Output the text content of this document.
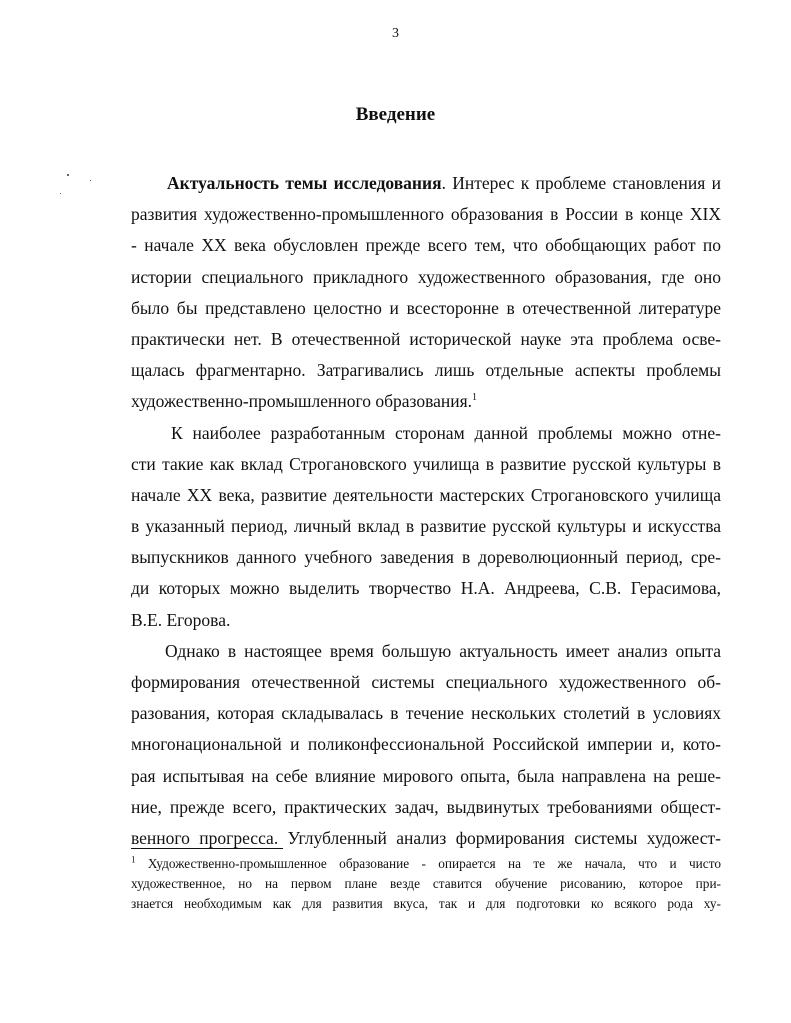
3
Введение
Актуальность темы исследования. Интерес к проблеме становления и
развития художественно-промышленного образования в России в конце XIX
- начале XX века обусловлен прежде всего тем, что обобщающих работ по
истории специального прикладного художественного образования, где оно
было бы представлено целостно и всесторонне в отечественной литературе
практически нет. В отечественной исторической науке эта проблема осве-
щалась фрагментарно. Затрагивались лишь отдельные аспекты проблемы
художественно-промышленного образования.$^1$
К наиболее разработанным сторонам данной проблемы можно отне-
сти такие как вклад Строгановского училища в развитие русской культуры в
начале XX века, развитие деятельности мастерских Строгановского училища
в указанный период, личный вклад в развитие русской культуры и искусства
выпускников данного учебного заведения в дореволюционный период, сре-
ди которых можно выделить творчество Н.А. Андреева, С.В. Герасимова,
В.Е. Егорова.
Однако в настоящее время большую актуальность имеет анализ опыта
формирования отечественной системы специального художественного об-
разования, которая складывалась в течение нескольких столетий в условиях
многонациональной и поликонфессиональной Российской империи и, кото-
рая испытывая на себе влияние мирового опыта, была направлена на реше-
ние, прежде всего, практических задач, выдвинутых требованиями общест-
венного прогресса. Углубленный анализ формирования системы художест-
$^1$ Художественно-промышленное образование - опирается на те же начала, что и чисто
художественное, но на первом плане везде ставится обучение рисованию, которое при-
знается необходимым как для развития вкуса, так и для подготовки ко всякого рода ху-
